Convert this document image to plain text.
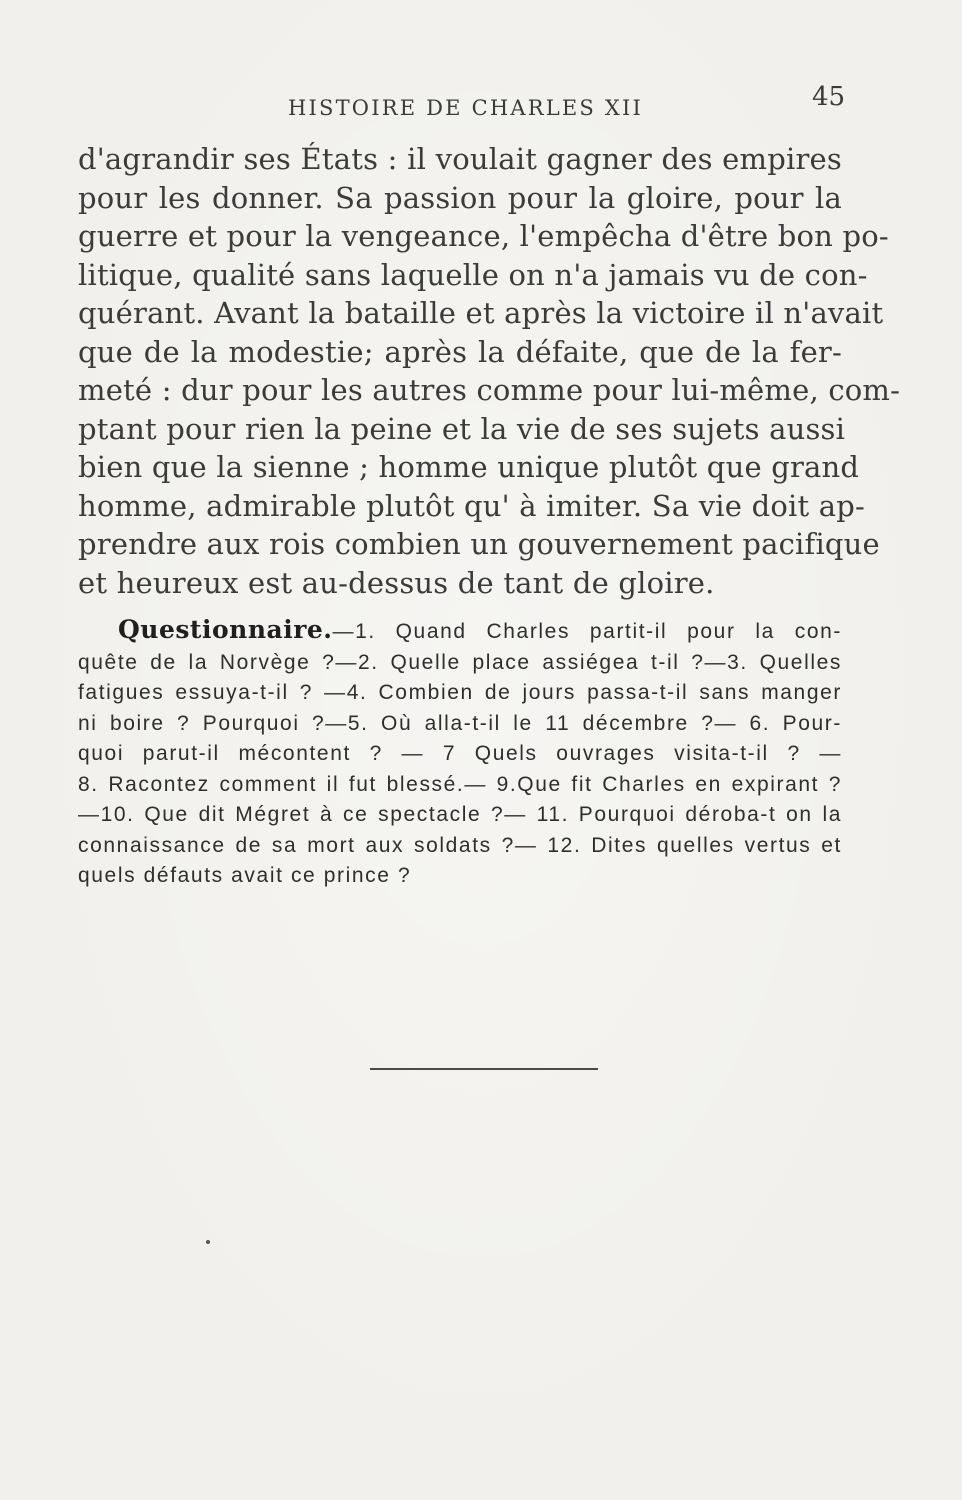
HISTOIRE DE CHARLES XII	45
d'agrandir ses États : il voulait gagner des empires
pour les donner. Sa passion pour la gloire, pour la
guerre et pour la vengeance, l'empêcha d'être bon po-
litique, qualité sans laquelle on n'a jamais vu de con-
quérant. Avant la bataille et après la victoire il n'avait
que de la modestie; après la défaite, que de la fer-
meté : dur pour les autres comme pour lui-même, com-
ptant pour rien la peine et la vie de ses sujets aussi
bien que la sienne ; homme unique plutôt que grand
homme, admirable plutôt qu' à imiter. Sa vie doit ap-
prendre aux rois combien un gouvernement pacifique
et heureux est au-dessus de tant de gloire.
Questionnaire.—1. Quand Charles partit-il pour la con-
quête de la Norvège ?—2. Quelle place assiégea t-il ?—3. Quelles
fatigues essuya-t-il ? —4. Combien de jours passa-t-il sans manger
ni boire ? Pourquoi ?—5. Où alla-t-il le 11 décembre ?— 6. Pour-
quoi parut-il mécontent ? — 7 Quels ouvrages visita-t-il ? —
8. Racontez comment il fut blessé.— 9.Que fit Charles en expirant ?
—10. Que dit Mégret à ce spectacle ?— 11. Pourquoi déroba-t on la
connaissance de sa mort aux soldats ?— 12. Dites quelles vertus et
quels défauts avait ce prince ?
